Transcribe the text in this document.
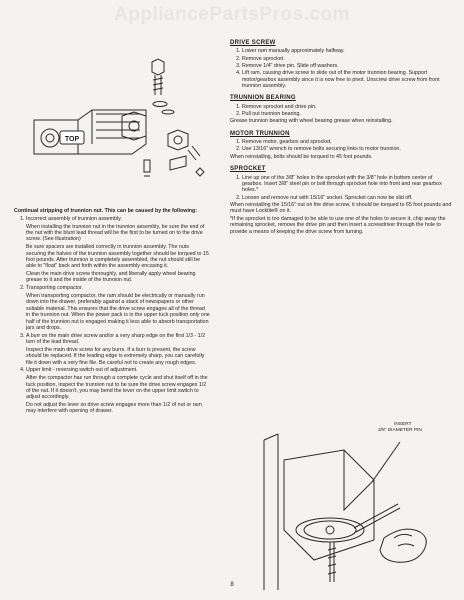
AppliancePartsPros.com
TOP

Continual stripping of trunnion nut. This can be caused by the following:

1. Incorrect assembly of trunnion assembly.

When installing the trunnion nut in the trunnion assembly, be sure the end of the nut with the blunt lead thread will be the first to be turned on to the drive screw. (See illustration)

Be sure spacers are installed correctly in trunnion assembly. The nuts securing the halves of the trunnion assembly together should be torqued to 15 foot pounds. After trunnion is completely assembled, the nut should still be able to "float" back and forth within the assembly encasing it.

Clean the main drive screw thoroughly, and liberally apply wheel bearing grease to it and the inside of the trunnion nut.

2. Transporting compactor.

When transporting compactor, the ram should be electrically or manually run down into the drawer, preferably against a stack of newspapers or other suitable material. This ensures that the drive screw engages all of the thread in the trunnion nut. When the power pack is in the upper tuck position only one half of the trunnion nut is engaged making it less able to absorb transportation jars and drops.

3. A burr on the main drive screw and/or a very sharp edge on the first 1/3 - 1/2 turn of the lead thread.

Inspect the main drive screw for any burrs. If a burr is present, the screw should be replaced. If the leading edge is extremely sharp, you can carefully file it down with a very fine file. Be careful not to create any rough edges.

4. Upper limit - reversing switch out of adjustment.

After the compactor has run through a complete cycle and shut itself off in the tuck position, inspect the trunnion nut to be sure the drive screw engages 1/2 of the nut. If it doesn't, you may bend the lever on the upper limit switch to adjust accordingly.

Do not adjust the lever so drive screw engages more than 1/2 of nut or ram may interfere with opening of drawer.

DRIVE SCREW

1. Lower ram manually approximately halfway.
2. Remove sprocket.
3. Remove 1/4" drive pin. Slide off washers.
4. Lift ram, causing drive screw to slide out of the motor trunnion bearing. Support motor/gearbox assembly since it is now free to pivot. Unscrew drive screw from front trunnion assembly.

TRUNNION BEARING

1. Remove sprocket and drive pin.
2. Pull out trunnion bearing.

Grease trunnion bearing with wheel bearing grease when reinstalling.

MOTOR TRUNNION

1. Remove motor, gearbox and sprocket.
2. Use 13/16" wrench to remove bolts securing links to motor trunnion.

When reinstalling, bolts should be torqued to 45 foot pounds.

SPROCKET

1. Line up one of the 3/8" holes in the sprocket with the 3/8" hole in bottom center of gearbox. Insert 3/8" steel pin or bolt through sprocket hole into front and rear gearbox holes.*
2. Loosen and remove nut with 15/16" socket. Sprocket can now be slid off.

When reinstalling the 15/16" nut on the drive screw, it should be torqued to 65 foot pounds and must have Locktite® on it.

*If the sprocket is too damaged to be able to use one of the holes to secure it, chip away the remaining sprocket, remove the drive pin and then insert a screwdriver through the hole to provide a means of keeping the drive screw from turning.

INSERT
3/8" DIAMETER PIN
8
